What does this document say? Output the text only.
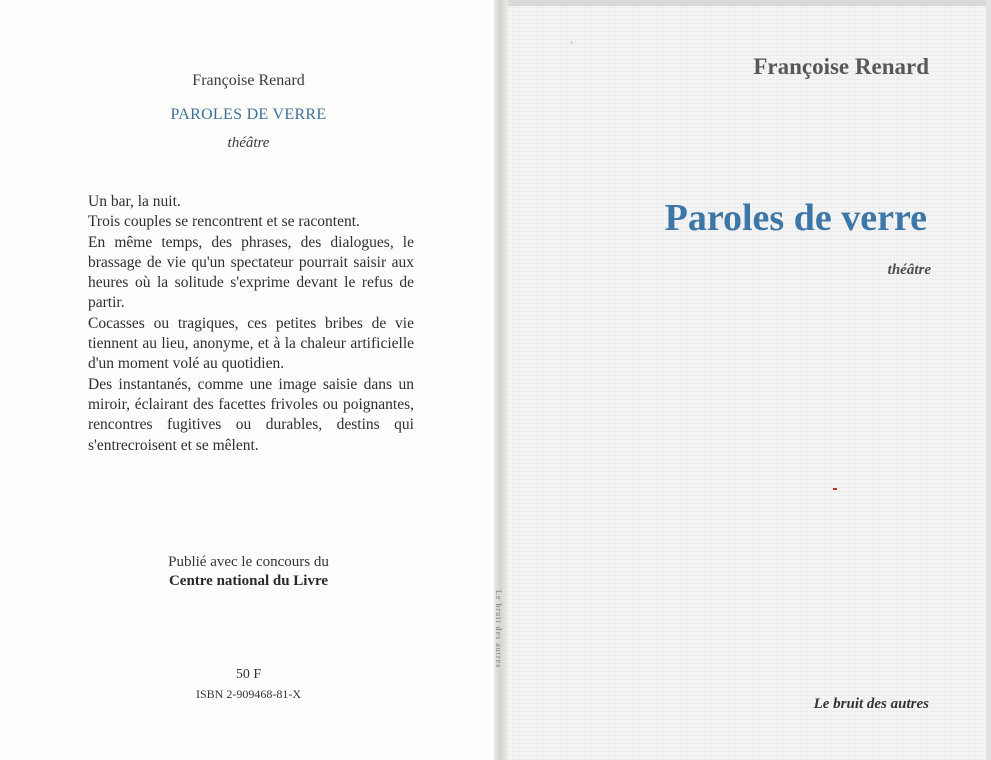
Françoise Renard
PAROLES DE VERRE
théâtre

Un bar, la nuit.

Trois couples se rencontrent et se racontent.

En même temps, des phrases, des dialogues, le brassage de vie qu'un spectateur pourrait saisir aux heures où la solitude s'exprime devant le refus de partir.

Cocasses ou tragiques, ces petites bribes de vie tiennent au lieu, anonyme, et à la chaleur artificielle d'un moment volé au quotidien.

Des instantanés, comme une image saisie dans un miroir, éclairant des facettes frivoles ou poignantes, rencontres fugitives ou durables, destins qui s'entrecroisent et se mêlent.

Publié avec le concours du
Centre national du Livre
50 F
ISBN 2-909468-81-X
Le bruit des autres
ʼ
Françoise Renard
Paroles de verre
théâtre
Le bruit des autres
